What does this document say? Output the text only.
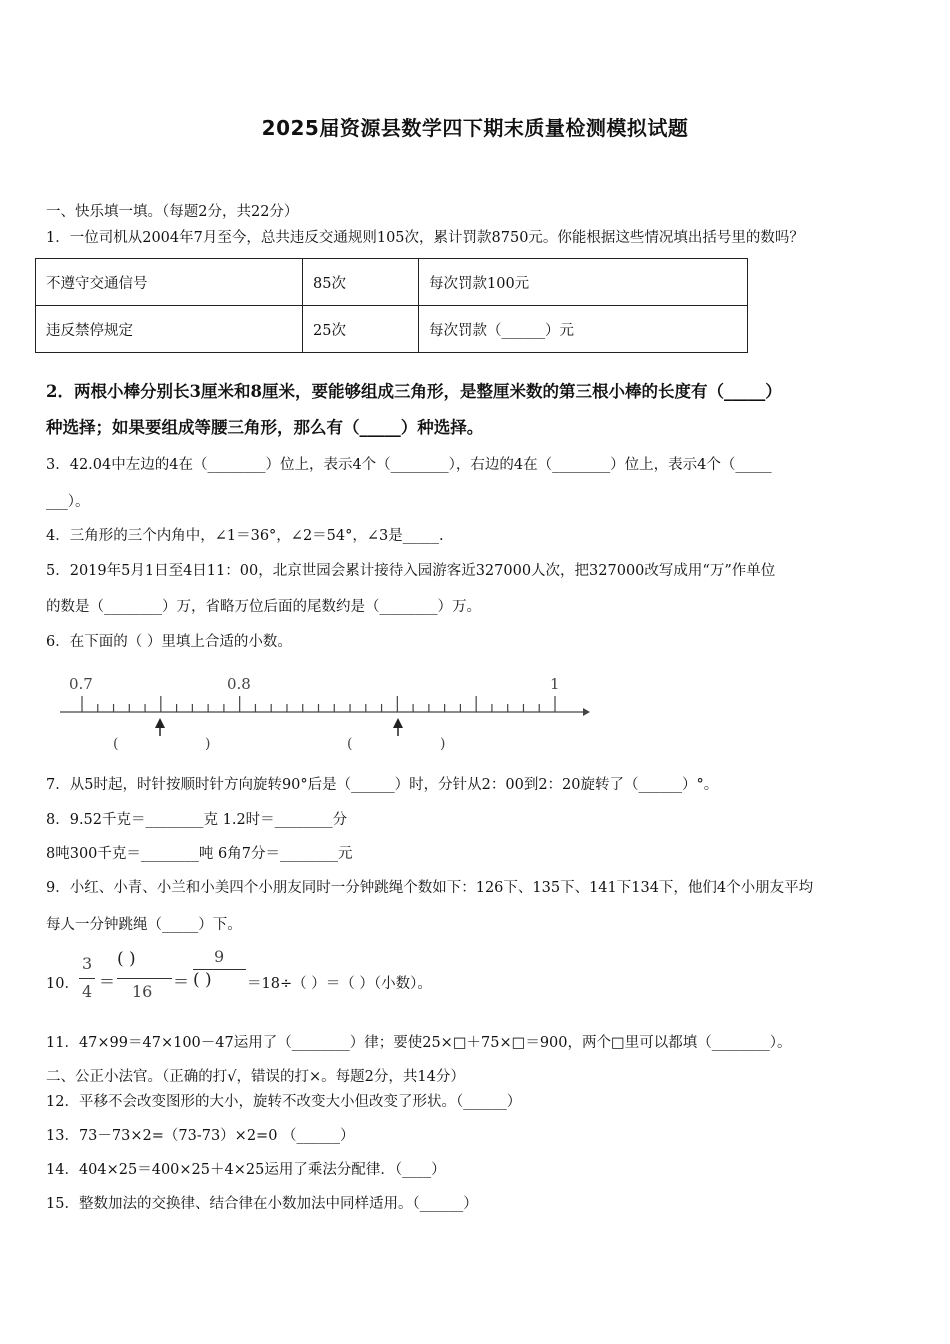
2025届资源县数学四下期末质量检测模拟试题
一、快乐填一填。（每题2分，共22分）
1．一位司机从2004年7月至今，总共违反交通规则105次，累计罚款8750元。你能根据这些情况填出括号里的数吗？
不遵守交通信号	85次	每次罚款100元
违反禁停规定	25次	每次罚款（______）元
2．两根小棒分别长3厘米和8厘米，要能够组成三角形，是整厘米数的第三根小棒的长度有（_____）
种选择；如果要组成等腰三角形，那么有（_____）种选择。
3．42.04中左边的4在（________）位上，表示4个（________），右边的4在（________）位上，表示4个（_____
___）。
4．三角形的三个内角中，∠1＝36°，∠2＝54°，∠3是_____.
5．2019年5月1日至4日11：00，北京世园会累计接待入园游客近327000人次，把327000改写成用“万”作单位
的数是（________）万，省略万位后面的尾数约是（________）万。
6．在下面的（ ）里填上合适的小数。
0.7	0.8	1
(	)	(	)
7．从5时起，时针按顺时针方向旋转90°后是（______）时，分针从2：00到2：20旋转了（______）°。
8．9.52千克＝________克 1.2时＝________分
8吨300千克＝________吨 6角7分＝________元
9．小红、小青、小兰和小美四个小朋友同时一分钟跳绳个数如下：126下、135下、141下134下，他们4个小朋友平均
每人一分钟跳绳（_____）下。
10．
3
4
＝
( )
16
＝
9
( ) ＝18÷（ ）＝（ ）（小数）。
11．47×99＝47×100－47运用了（________）律；要使25×□＋75×□＝900，两个□里可以都填（________）。
二、公正小法官。（正确的打√，错误的打×。每题2分，共14分）
12．平移不会改变图形的大小，旋转不改变大小但改变了形状。（______）
13．73－73×2=（73-73）×2=0 （______）
14．404×25＝400×25＋4×25运用了乘法分配律．（____）
15．整数加法的交换律、结合律在小数加法中同样适用。（______）
